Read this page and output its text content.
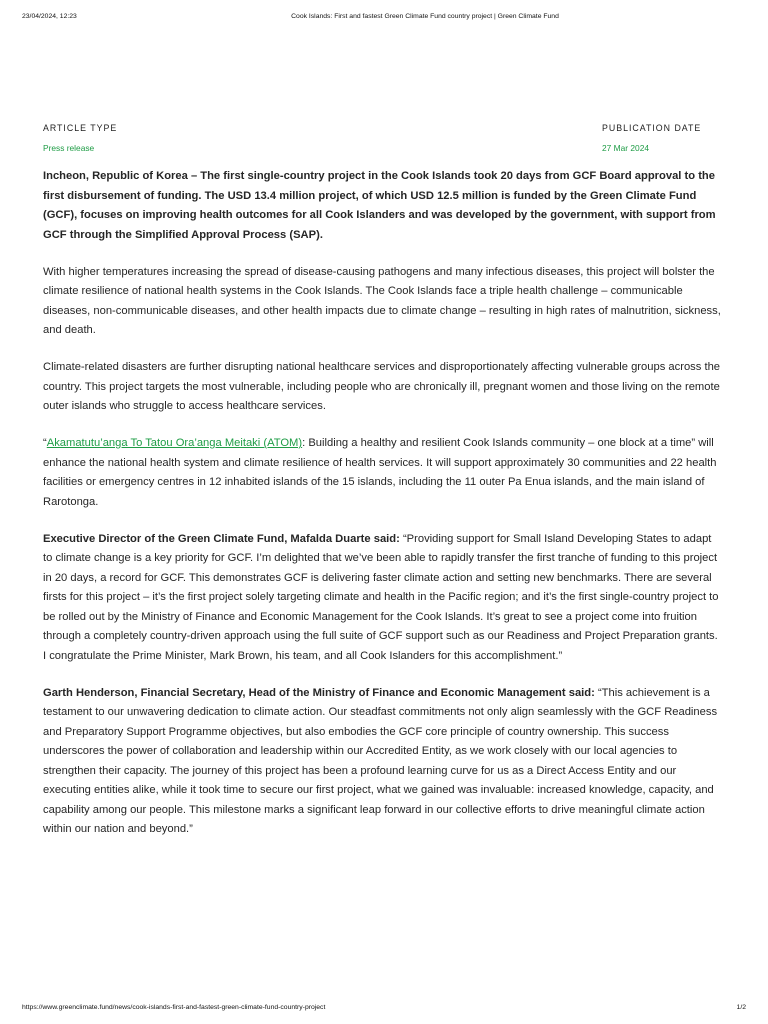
23/04/2024, 12:23	Cook Islands: First and fastest Green Climate Fund country project | Green Climate Fund
ARTICLE TYPE
Press release
PUBLICATION DATE
27 Mar 2024

Incheon, Republic of Korea – The first single-country project in the Cook Islands took 20 days from GCF Board approval to the first disbursement of funding. The USD 13.4 million project, of which USD 12.5 million is funded by the Green Climate Fund (GCF), focuses on improving health outcomes for all Cook Islanders and was developed by the government, with support from GCF through the Simplified Approval Process (SAP).

With higher temperatures increasing the spread of disease-causing pathogens and many infectious diseases, this project will bolster the climate resilience of national health systems in the Cook Islands. The Cook Islands face a triple health challenge – communicable diseases, non-communicable diseases, and other health impacts due to climate change – resulting in high rates of malnutrition, sickness, and death.

Climate-related disasters are further disrupting national healthcare services and disproportionately affecting vulnerable groups across the country. This project targets the most vulnerable, including people who are chronically ill, pregnant women and those living on the remote outer islands who struggle to access healthcare services.

“Akamatutu’anga To Tatou Ora’anga Meitaki (ATOM): Building a healthy and resilient Cook Islands community – one block at a time” will enhance the national health system and climate resilience of health services. It will support approximately 30 communities and 22 health facilities or emergency centres in 12 inhabited islands of the 15 islands, including the 11 outer Pa Enua islands, and the main island of Rarotonga.

Executive Director of the Green Climate Fund, Mafalda Duarte said: “Providing support for Small Island Developing States to adapt to climate change is a key priority for GCF. I’m delighted that we’ve been able to rapidly transfer the first tranche of funding to this project in 20 days, a record for GCF. This demonstrates GCF is delivering faster climate action and setting new benchmarks. There are several firsts for this project – it’s the first project solely targeting climate and health in the Pacific region; and it’s the first single-country project to be rolled out by the Ministry of Finance and Economic Management for the Cook Islands. It’s great to see a project come into fruition through a completely country-driven approach using the full suite of GCF support such as our Readiness and Project Preparation grants. I congratulate the Prime Minister, Mark Brown, his team, and all Cook Islanders for this accomplishment.”

Garth Henderson, Financial Secretary, Head of the Ministry of Finance and Economic Management said: “This achievement is a testament to our unwavering dedication to climate action. Our steadfast commitments not only align seamlessly with the GCF Readiness and Preparatory Support Programme objectives, but also embodies the GCF core principle of country ownership. This success underscores the power of collaboration and leadership within our Accredited Entity, as we work closely with our local agencies to strengthen their capacity. The journey of this project has been a profound learning curve for us as a Direct Access Entity and our executing entities alike, while it took time to secure our first project, what we gained was invaluable: increased knowledge, capacity, and capability among our people. This milestone marks a significant leap forward in our collective efforts to drive meaningful climate action within our nation and beyond.”

https://www.greenclimate.fund/news/cook-islands-first-and-fastest-green-climate-fund-country-project	1/2
